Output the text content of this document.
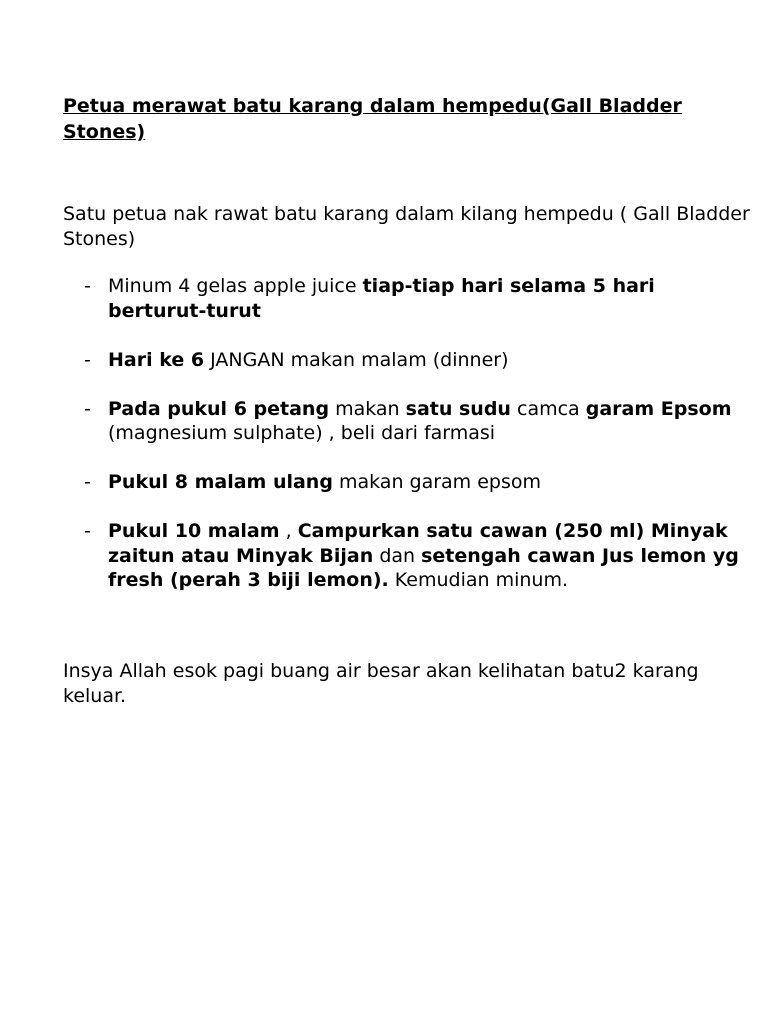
Petua merawat batu karang dalam hempedu(Gall Bladder Stones)

Satu petua nak rawat batu karang dalam kilang hempedu ( Gall Bladder Stones)

- Minum 4 gelas apple juice tiap-tiap hari selama 5 hari berturut-turut
- Hari ke 6 JANGAN makan malam (dinner)
- Pada pukul 6 petang makan satu sudu camca garam Epsom (magnesium sulphate) , beli dari farmasi
- Pukul 8 malam ulang makan garam epsom
- Pukul 10 malam , Campurkan satu cawan (250 ml) Minyak zaitun atau Minyak Bijan dan setengah cawan Jus lemon yg fresh (perah 3 biji lemon). Kemudian minum.

Insya Allah esok pagi buang air besar akan kelihatan batu2 karang keluar.
